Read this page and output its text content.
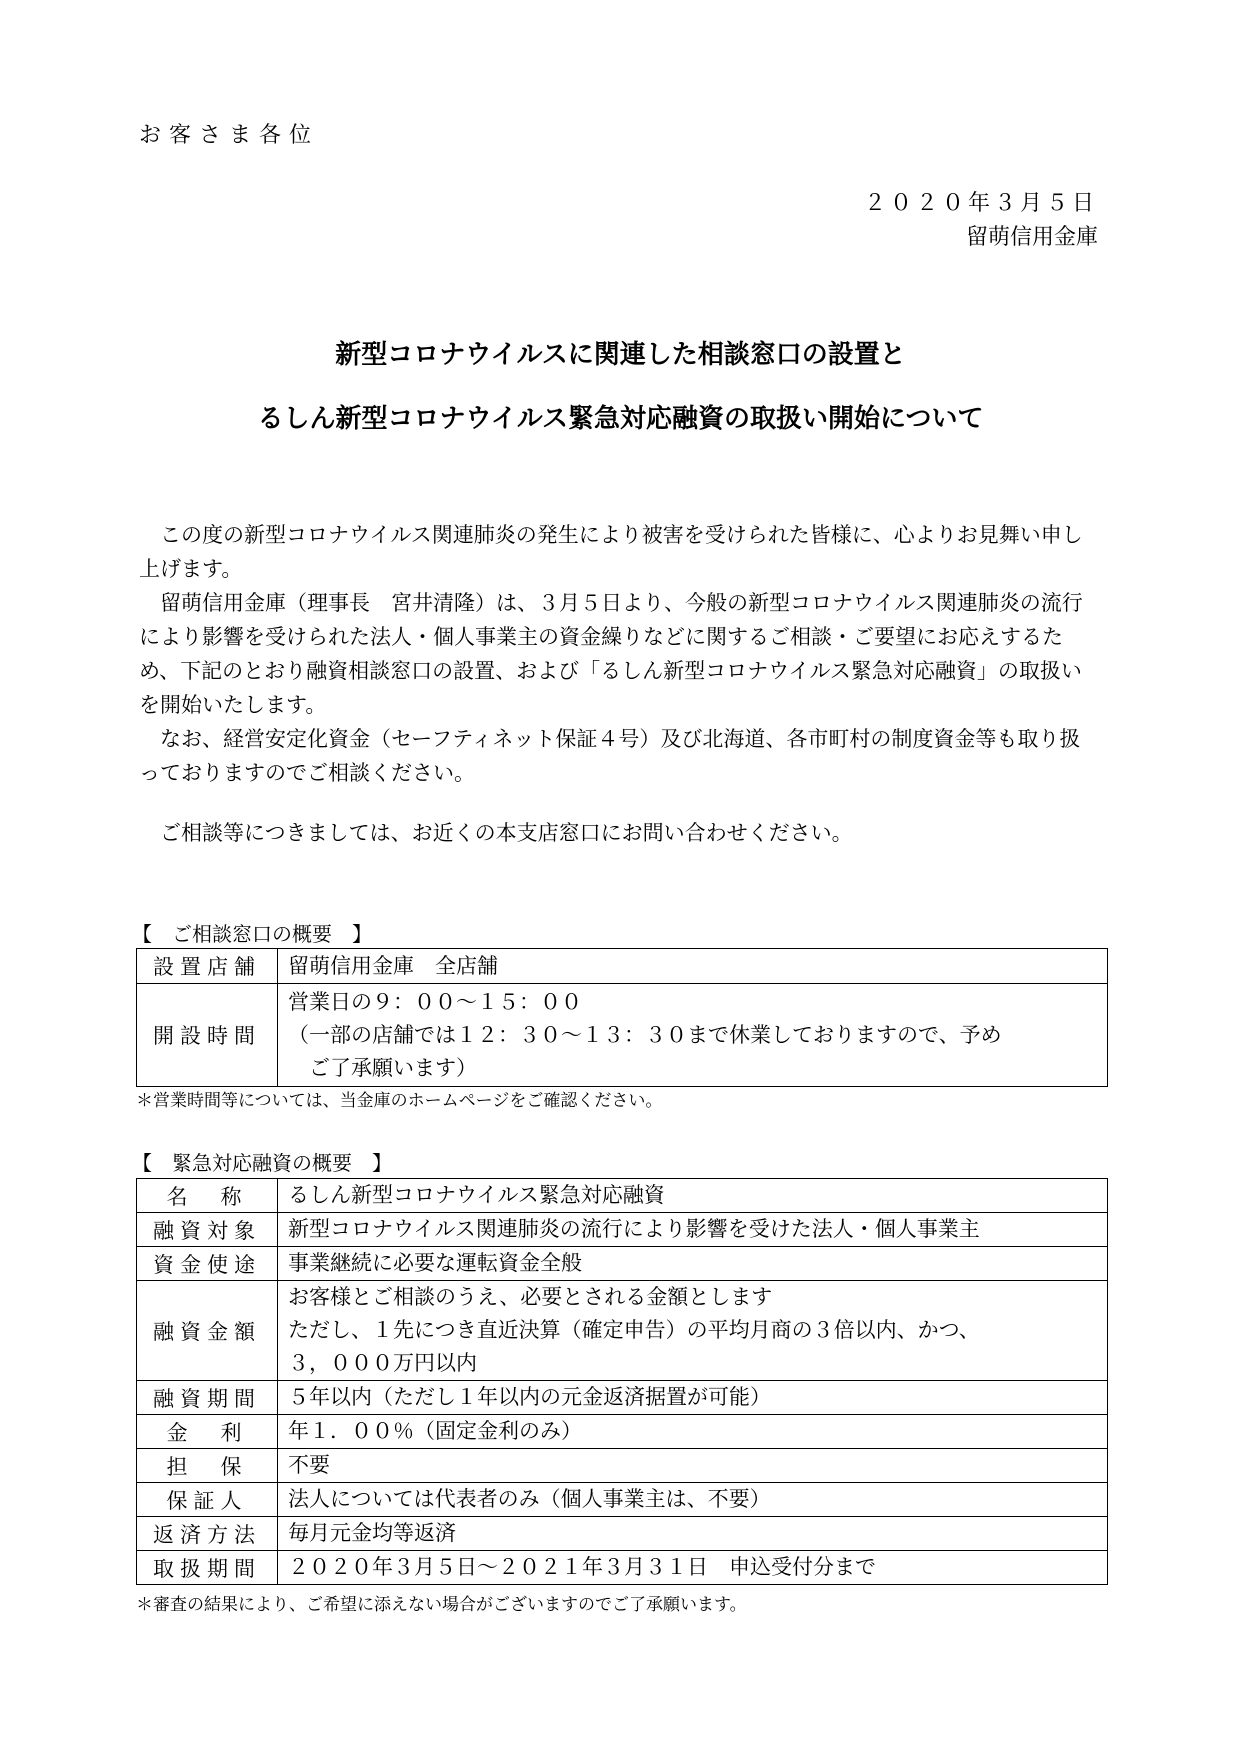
お客さま各位
２０２０年３月５日
留萌信用金庫
新型コロナウイルスに関連した相談窓口の設置と
るしん新型コロナウイルス緊急対応融資の取扱い開始について
この度の新型コロナウイルス関連肺炎の発生により被害を受けられた皆様に、心よりお見舞い申し上げます。
留萌信用金庫（理事長　宮井清隆）は、３月５日より、今般の新型コロナウイルス関連肺炎の流行により影響を受けられた法人・個人事業主の資金繰りなどに関するご相談・ご要望にお応えするため、下記のとおり融資相談窓口の設置、および「るしん新型コロナウイルス緊急対応融資」の取扱いを開始いたします。
なお、経営安定化資金（セーフティネット保証４号）及び北海道、各市町村の制度資金等も取り扱っておりますのでご相談ください。
ご相談等につきましては、お近くの本支店窓口にお問い合わせください。
【　ご相談窓口の概要　】
設置店舗	留萌信用金庫　全店舗
開設時間	営業日の９：００～１５：００
（一部の店舗では１２：３０～１３：３０まで休業しておりますので、予め
ご了承願います）
＊営業時間等については、当金庫のホームページをご確認ください。
【　緊急対応融資の概要　】
名　称	るしん新型コロナウイルス緊急対応融資
融資対象	新型コロナウイルス関連肺炎の流行により影響を受けた法人・個人事業主
資金使途	事業継続に必要な運転資金全般
融資金額	お客様とご相談のうえ、必要とされる金額とします
ただし、１先につき直近決算（確定申告）の平均月商の３倍以内、かつ、
３，０００万円以内

融資期間	５年以内（ただし１年以内の元金返済据置が可能）
金　利	年１．００％（固定金利のみ）
担　保	不要
保証人	法人については代表者のみ（個人事業主は、不要）
返済方法	毎月元金均等返済
取扱期間	２０２０年３月５日～２０２１年３月３１日　申込受付分まで
＊審査の結果により、ご希望に添えない場合がございますのでご了承願います。
